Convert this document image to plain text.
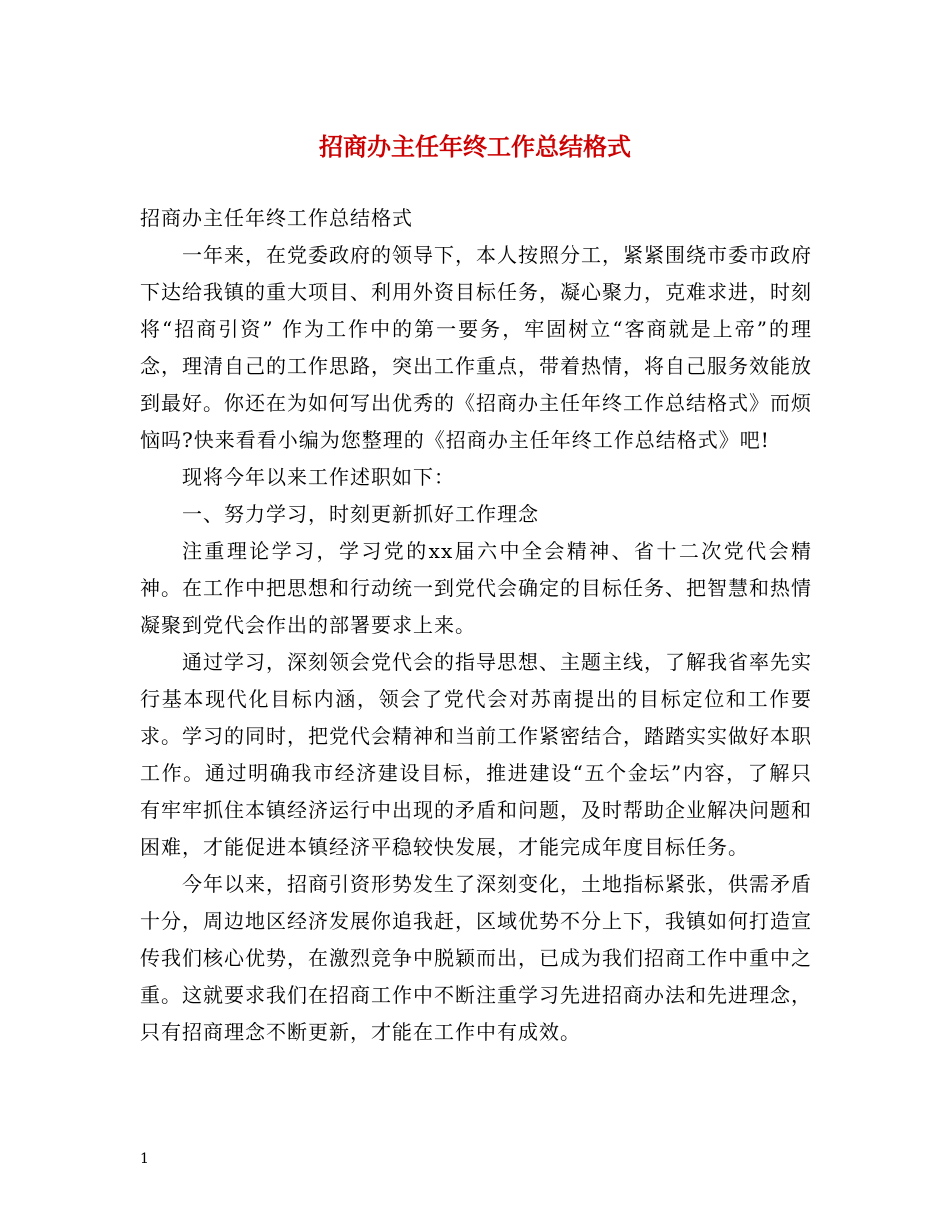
招商办主任年终工作总结格式

招商办主任年终工作总结格式

一年来，在党委政府的领导下，本人按照分工，紧紧围绕市委市政府下达给我镇的重大项目、利用外资目标任务，凝心聚力，克难求进，时刻将“招商引资” 作为工作中的第一要务，牢固树立“客商就是上帝”的理念，理清自己的工作思路，突出工作重点，带着热情，将自己服务效能放到最好。你还在为如何写出优秀的《招商办主任年终工作总结格式》而烦恼吗?快来看看小编为您整理的《招商办主任年终工作总结格式》吧!

现将今年以来工作述职如下：

一、努力学习，时刻更新抓好工作理念

注重理论学习，学习党的xx届六中全会精神、省十二次党代会精神。在工作中把思想和行动统一到党代会确定的目标任务、把智慧和热情凝聚到党代会作出的部署要求上来。

通过学习，深刻领会党代会的指导思想、主题主线，了解我省率先实行基本现代化目标内涵，领会了党代会对苏南提出的目标定位和工作要求。学习的同时，把党代会精神和当前工作紧密结合，踏踏实实做好本职工作。通过明确我市经济建设目标，推进建设“五个金坛”内容，了解只有牢牢抓住本镇经济运行中出现的矛盾和问题，及时帮助企业解决问题和困难，才能促进本镇经济平稳较快发展，才能完成年度目标任务。

今年以来，招商引资形势发生了深刻变化，土地指标紧张，供需矛盾十分，周边地区经济发展你追我赶，区域优势不分上下，我镇如何打造宣传我们核心优势，在激烈竞争中脱颖而出，已成为我们招商工作中重中之重。这就要求我们在招商工作中不断注重学习先进招商办法和先进理念，只有招商理念不断更新，才能在工作中有成效。

1
